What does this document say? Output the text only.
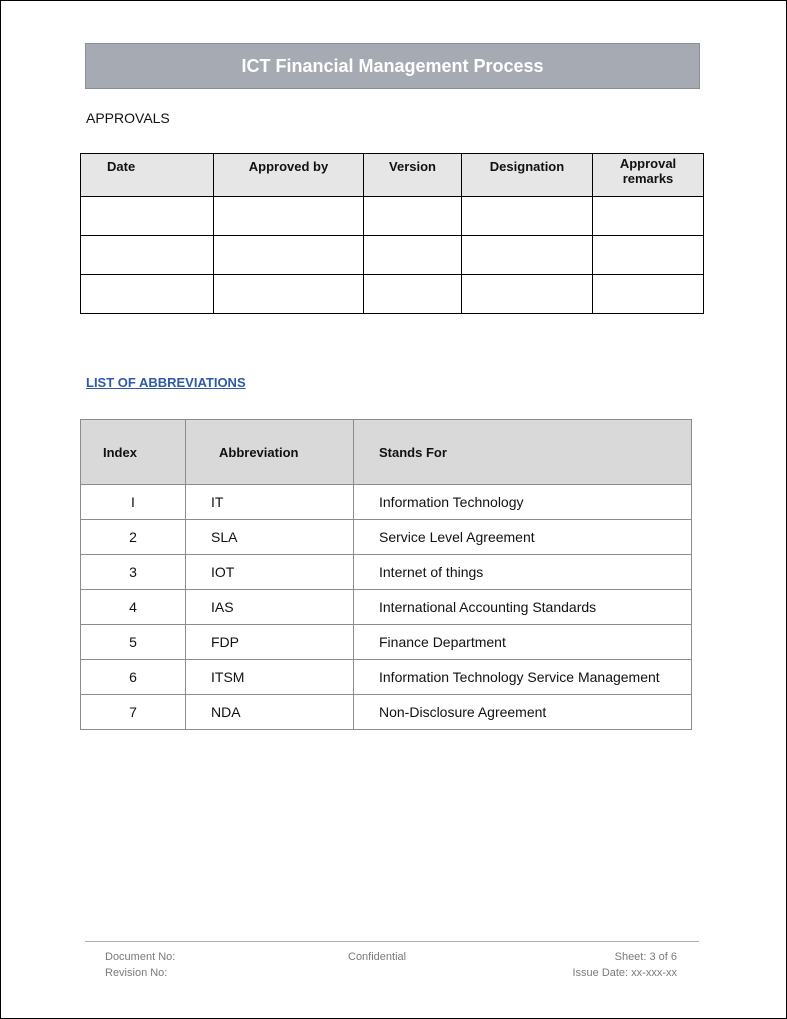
ICT Financial Management Process
APPROVALS
Date	Approved by	Version	Designation	Approval remarks

LIST OF ABBREVIATIONS
Index	Abbreviation	Stands For
I	IT	Information Technology
2	SLA	Service Level Agreement
3	IOT	Internet of things
4	IAS	International Accounting Standards
5	FDP	Finance Department
6	ITSM	Information Technology Service Management
7	NDA	Non-Disclosure Agreement
Document No:	Sheet: 3 of 6
Revision No:	Issue Date: xx-xxx-xx
Confidential
